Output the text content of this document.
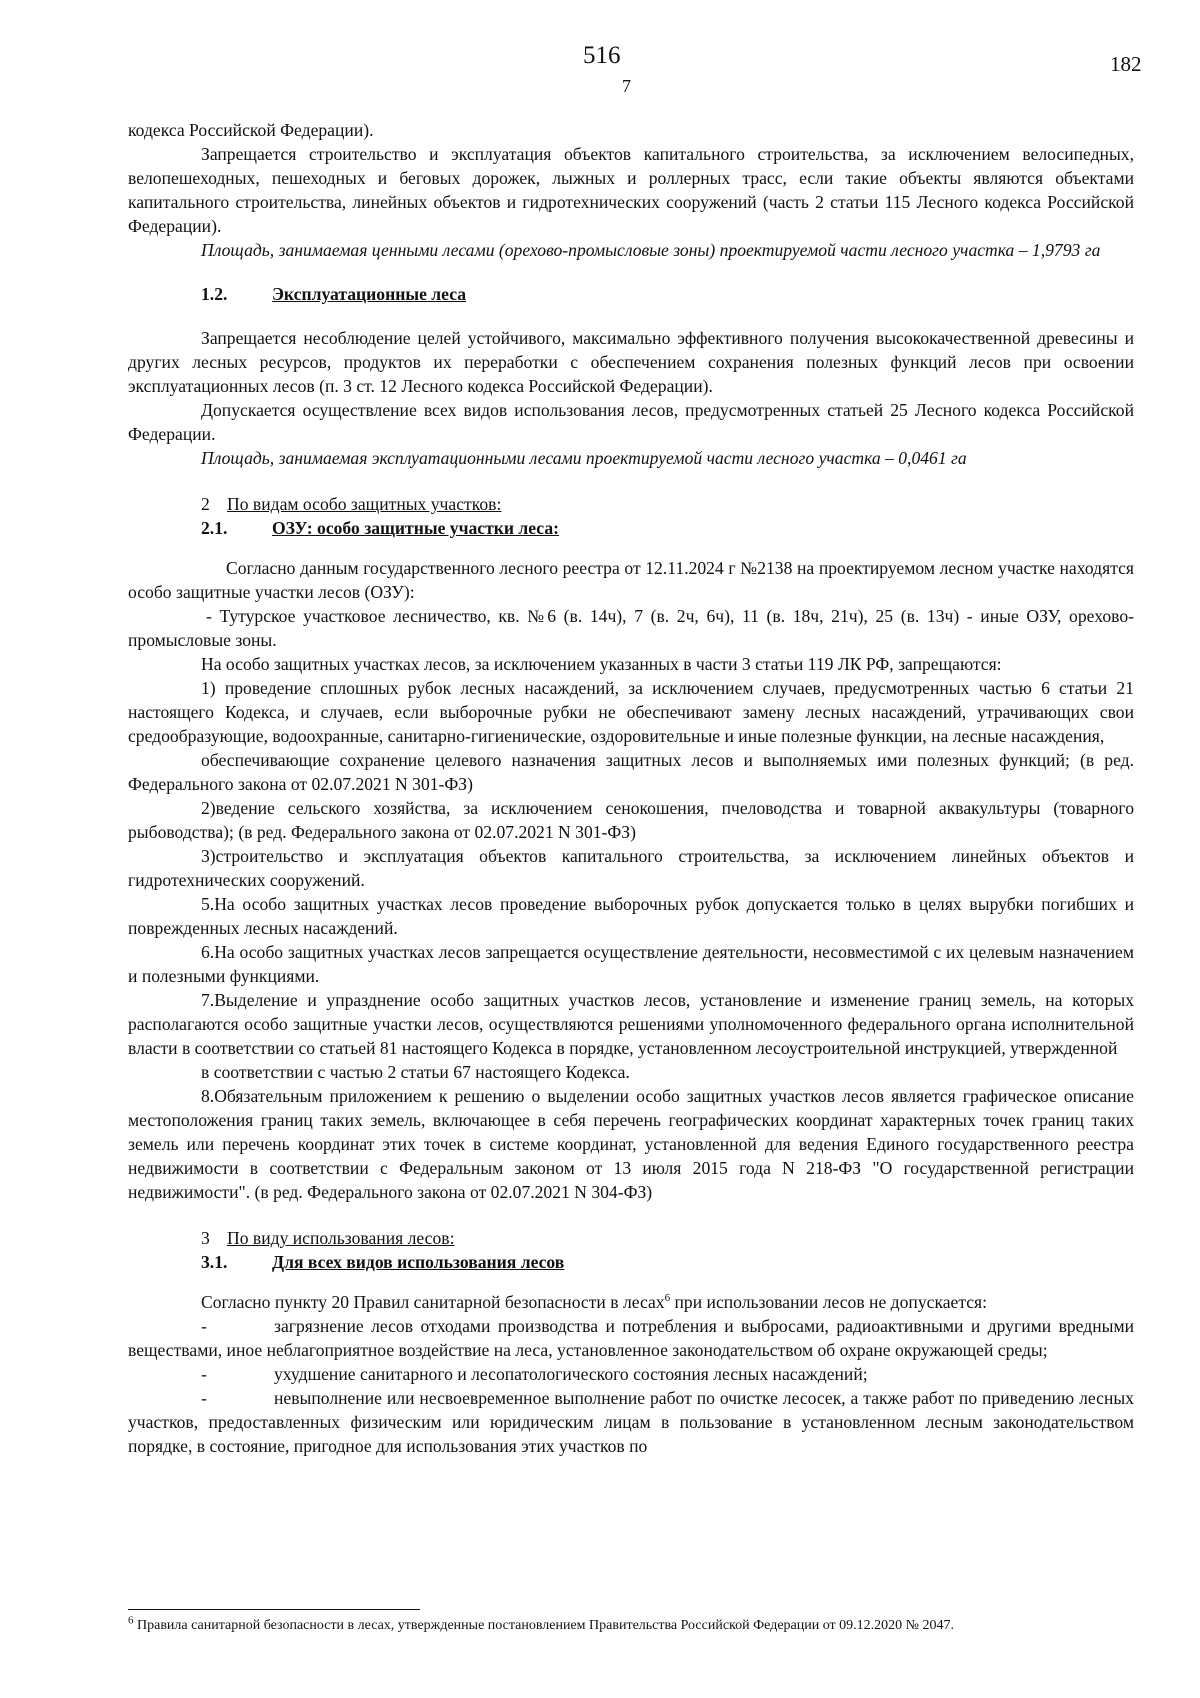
516
7
182

кодекса Российской Федерации).

Запрещается строительство и эксплуатация объектов капитального строительства, за исключением велосипедных, велопешеходных, пешеходных и беговых дорожек, лыжных и роллерных трасс, если такие объекты являются объектами капитального строительства, линейных объектов и гидротехнических сооружений (часть 2 статьи 115 Лесного кодекса Российской Федерации).

Площадь, занимаемая ценными лесами (орехово-промысловые зоны) проектируемой части лесного участка – 1,9793 га

1.2.	Эксплуатационные леса

Запрещается несоблюдение целей устойчивого, максимально эффективного получения высококачественной древесины и других лесных ресурсов, продуктов их переработки с обеспечением сохранения полезных функций лесов при освоении эксплуатационных лесов (п. 3 ст. 12 Лесного кодекса Российской Федерации).

Допускается осуществление всех видов использования лесов, предусмотренных статьей 25 Лесного кодекса Российской Федерации.

Площадь, занимаемая эксплуатационными лесами проектируемой части лесного участка – 0,0461 га

2 По видам особо защитных участков:
2.1.	ОЗУ: особо защитные участки леса:

Согласно данным государственного лесного реестра от 12.11.2024 г №2138 на проектируемом лесном участке находятся особо защитные участки лесов (ОЗУ):

- Тутурское участковое лесничество, кв. №6 (в. 14ч), 7 (в. 2ч, 6ч), 11 (в. 18ч, 21ч), 25 (в. 13ч) - иные ОЗУ, орехово-промысловые зоны.

На особо защитных участках лесов, за исключением указанных в части 3 статьи 119 ЛК РФ, запрещаются:

1) проведение сплошных рубок лесных насаждений, за исключением случаев, предусмотренных частью 6 статьи 21 настоящего Кодекса, и случаев, если выборочные рубки не обеспечивают замену лесных насаждений, утрачивающих свои средообразующие, водоохранные, санитарно-гигиенические, оздоровительные и иные полезные функции, на лесные насаждения,

обеспечивающие сохранение целевого назначения защитных лесов и выполняемых ими полезных функций; (в ред. Федерального закона от 02.07.2021 N 301-ФЗ)

2)ведение сельского хозяйства, за исключением сенокошения, пчеловодства и товарной аквакультуры (товарного рыбоводства); (в ред. Федерального закона от 02.07.2021 N 301-ФЗ)

3)строительство и эксплуатация объектов капитального строительства, за исключением линейных объектов и гидротехнических сооружений.

5.На особо защитных участках лесов проведение выборочных рубок допускается только в целях вырубки погибших и поврежденных лесных насаждений.

6.На особо защитных участках лесов запрещается осуществление деятельности, несовместимой с их целевым назначением и полезными функциями.

7.Выделение и упразднение особо защитных участков лесов, установление и изменение границ земель, на которых располагаются особо защитные участки лесов, осуществляются решениями уполномоченного федерального органа исполнительной власти в соответствии со статьей 81 настоящего Кодекса в порядке, установленном лесоустроительной инструкцией, утвержденной

в соответствии с частью 2 статьи 67 настоящего Кодекса.

8.Обязательным приложением к решению о выделении особо защитных участков лесов является графическое описание местоположения границ таких земель, включающее в себя перечень географических координат характерных точек границ таких земель или перечень координат этих точек в системе координат, установленной для ведения Единого государственного реестра недвижимости в соответствии с Федеральным законом от 13 июля 2015 года N 218-ФЗ "О государственной регистрации недвижимости". (в ред. Федерального закона от 02.07.2021 N 304-ФЗ)

3 По виду использования лесов:
3.1.	Для всех видов использования лесов

Согласно пункту 20 Правил санитарной безопасности в лесах$^6$ при использовании лесов не допускается:

-	загрязнение лесов отходами производства и потребления и выбросами, радиоактивными и другими вредными веществами, иное неблагоприятное воздействие на леса, установленное законодательством об охране окружающей среды;

-	ухудшение санитарного и лесопатологического состояния лесных насаждений;

-	невыполнение или несвоевременное выполнение работ по очистке лесосек, а также работ по приведению лесных участков, предоставленных физическим или юридическим лицам в пользование в установленном лесным законодательством порядке, в состояние, пригодное для использования этих участков по

$^6$ Правила санитарной безопасности в лесах, утвержденные постановлением Правительства Российской Федерации от 09.12.2020 № 2047.
